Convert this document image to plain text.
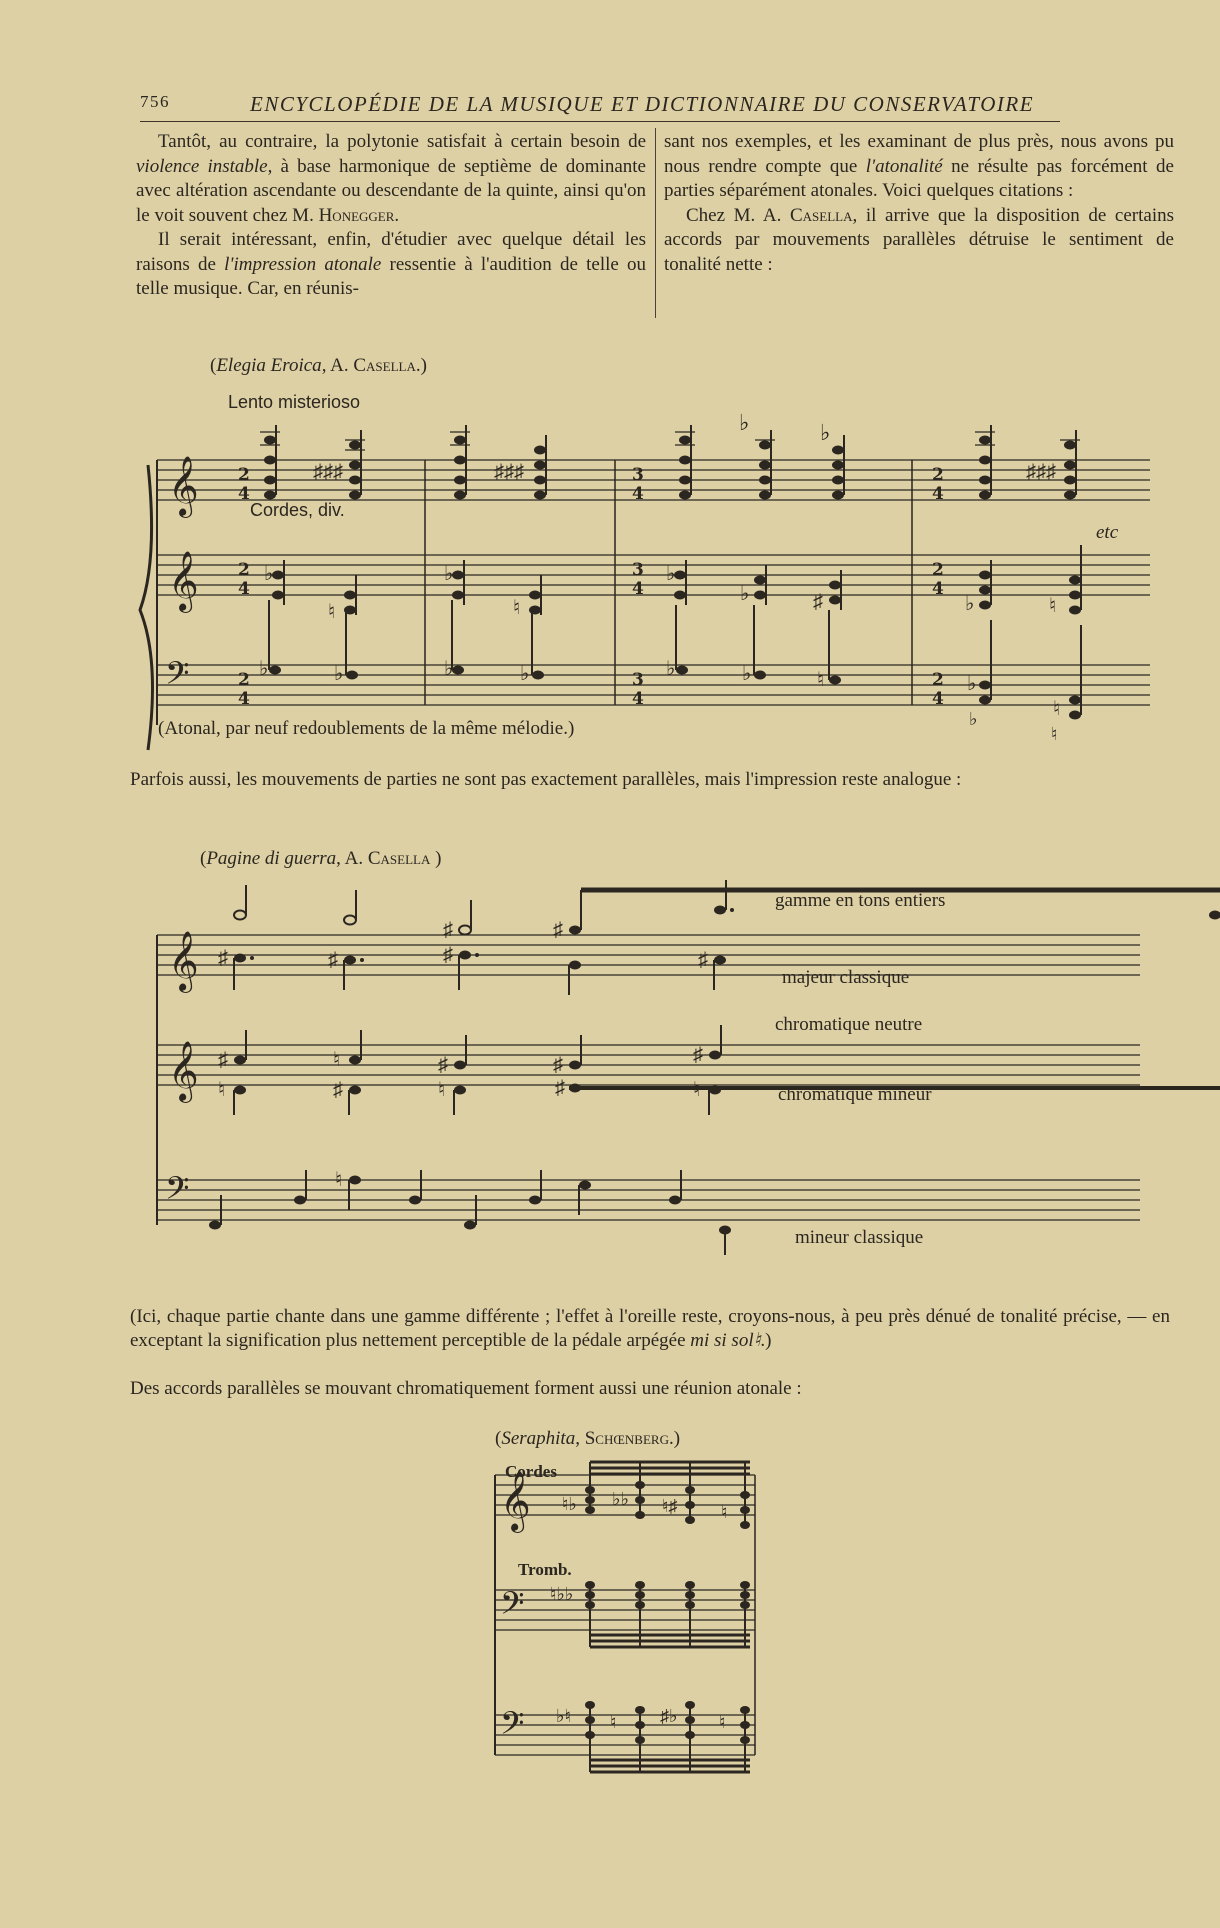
756	ENCYCLOPÉDIE DE LA MUSIQUE ET DICTIONNAIRE DU CONSERVATOIRE

Tantôt, au contraire, la polytonie satisfait à certain besoin de violence instable, à base harmonique de septième de dominante avec altération ascendante ou descendante de la quinte, ainsi qu'on le voit souvent chez M. Honegger.

Il serait intéressant, enfin, d'étudier avec quelque détail les raisons de l'impression atonale ressentie à l'audition de telle ou telle musique. Car, en réunis-

sant nos exemples, et les examinant de plus près, nous avons pu nous rendre compte que l'atonalité ne résulte pas forcément de parties séparément atonales. Voici quelques citations :

Chez M. A. Casella, il arrive que la disposition de certains accords par mouvements parallèles détruise le sentiment de tonalité nette :

(Elegia Eroica, A. Casella.)
Lento misterioso
Cordes, div.
etc
(Atonal, par neuf redoublements de la même mélodie.)
𝄞
𝄞
𝄢
2
4
2
4
2
4
3
4
3
4
3
4
2
4
2
4
2
4
♯♯♯	♯♯♯
♭	♭
♯♯♯
♭
♮
♭
♮
♭
♭	♯	♭	♮
♭	♭	♭	♭	♭	♭	♮	♭
♭	♮
♮
𝄞
𝄞
𝄢
♯	♯
♯
♯
♯
♯
♯
♮
♮
♯
♯
♮
♯
♯
♯
♮
♮
𝄞
𝄢
𝄢
♮♭ ♭♭ ♮♯ ♮
♮♭♭
♭♮ ♮ ♯♭ ♮
Parfois aussi, les mouvements de parties ne sont pas exactement parallèles, mais l'impression reste analogue :
(Pagine di guerra, A. Casella )
gamme en tons entiers
majeur classique
chromatique neutre
chromatique mineur
mineur classique
(Ici, chaque partie chante dans une gamme différente ; l'effet à l'oreille reste, croyons-nous, à peu près dénué de tonalité précise, — en exceptant la signification plus nettement perceptible de la pédale arpégée mi si sol♮.)
Des accords parallèles se mouvant chromatiquement forment aussi une réunion atonale :
(Seraphita, Schœnberg.)
Cordes
Tromb.
